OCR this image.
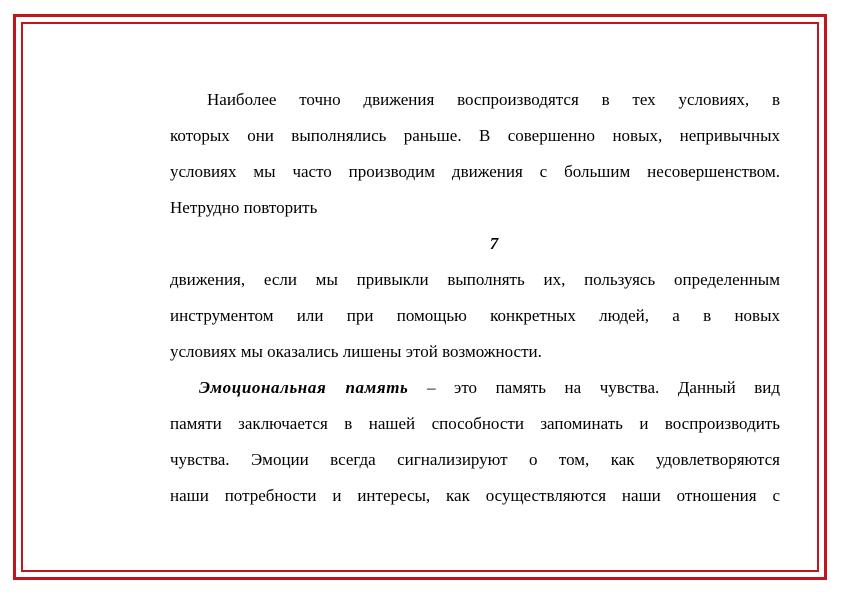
Наиболее точно движения воспроизводятся в тех условиях, в
которых они выполнялись раньше. В совершенно новых, непривычных
условиях мы часто производим движения с большим несовершенством.
Нетрудно повторить
7
движения, если мы привыкли выполнять их, пользуясь определенным
инструментом или при помощью конкретных людей, а в новых
условиях мы оказались лишены этой возможности.
Эмоциональная память – это память на чувства. Данный вид
памяти заключается в нашей способности запоминать и воспроизводить
чувства. Эмоции всегда сигнализируют о том, как удовлетворяются
наши потребности и интересы, как осуществляются наши отношения с
